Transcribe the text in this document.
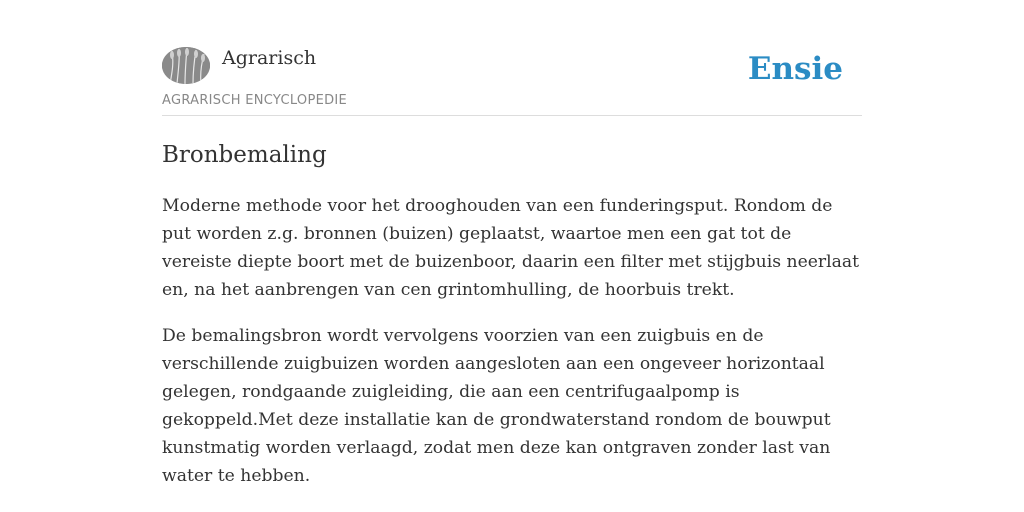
Agrarisch
AGRARISCH ENCYCLOPEDIE
Ensie
Bronbemaling

Moderne methode voor het drooghouden van een funderingsput. Rondom de put worden z.g. bronnen (buizen) geplaatst, waartoe men een gat tot de vereiste diepte boort met de buizenboor, daarin een filter met stijgbuis neerlaat en, na het aanbrengen van cen grintomhulling, de hoorbuis trekt.

De bemalingsbron wordt vervolgens voorzien van een zuigbuis en de verschillende zuigbuizen worden aangesloten aan een ongeveer horizontaal gelegen, rondgaande zuigleiding, die aan een centrifugaalpomp is gekoppeld.Met deze installatie kan de grondwaterstand rondom de bouwput kunstmatig worden verlaagd, zodat men deze kan ontgraven zonder last van water te hebben.
